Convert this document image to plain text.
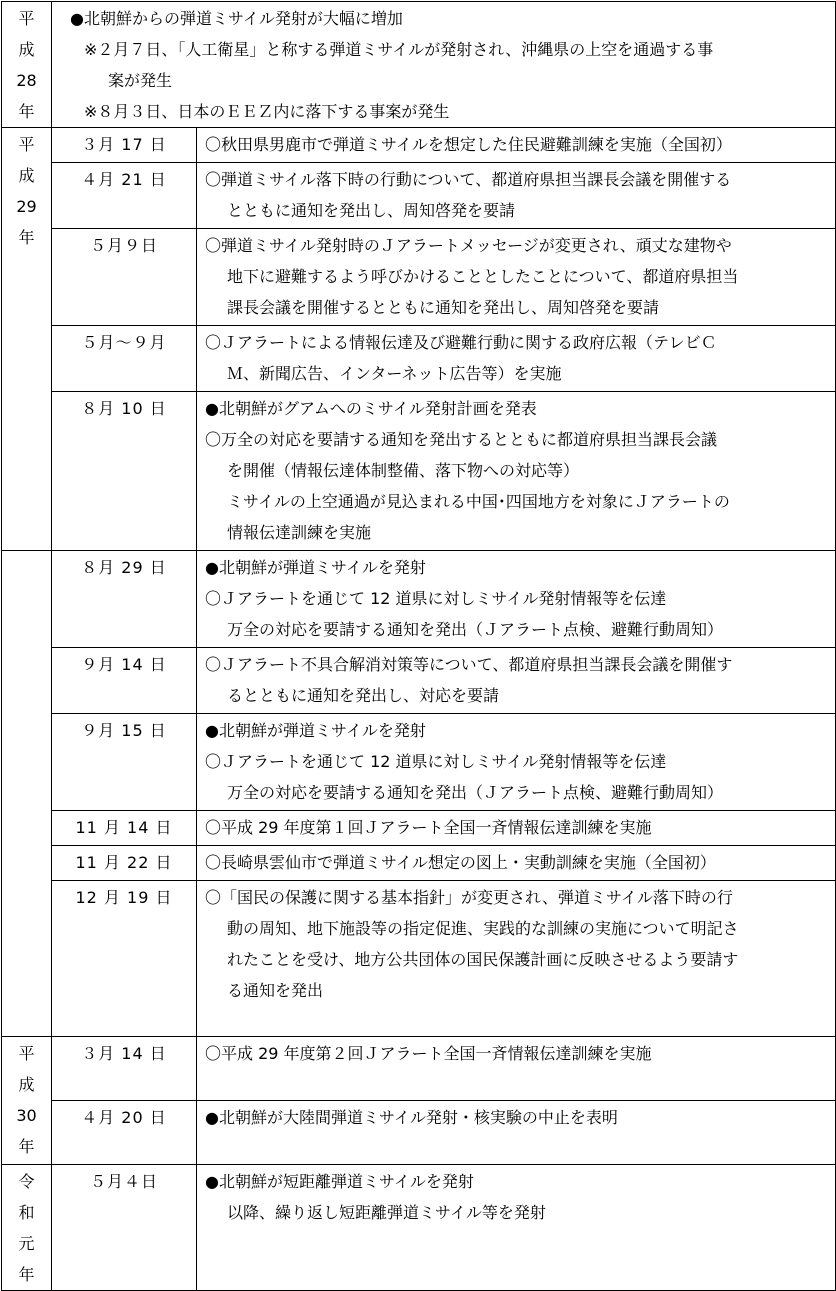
平
成
28
年	●北朝鮮からの弾道ミサイル発射が大幅に増加
※２月７日、「人工衛星」と称する弾道ミサイルが発射され、沖縄県の上空を通過する事
案が発生
※８月３日、日本のＥＥＺ内に落下する事案が発生	

平
成
29
年	３月 17 日	〇秋田県男鹿市で弾道ミサイルを想定した住民避難訓練を実施（全国初）

	４月 21 日	〇弾道ミサイル落下時の行動について、都道府県担当課長会議を開催する
とともに通知を発出し、周知啓発を要請

	５月９日	〇弾道ミサイル発射時のＪアラートメッセージが変更され、頑丈な建物や
地下に避難するよう呼びかけることとしたことについて、都道府県担当
課長会議を開催するとともに通知を発出し、周知啓発を要請

	５月～９月	〇Ｊアラートによる情報伝達及び避難行動に関する政府広報（テレビＣ
Ｍ、新聞広告、インターネット広告等）を実施

	８月 10 日	●北朝鮮がグアムへのミサイル発射計画を発表
〇万全の対応を要請する通知を発出するとともに都道府県担当課長会議
を開催（情報伝達体制整備、落下物への対応等）
ミサイルの上空通過が見込まれる中国･四国地方を対象にＪアラートの
情報伝達訓練を実施

	８月 29 日	●北朝鮮が弾道ミサイルを発射
〇Ｊアラートを通じて 12 道県に対しミサイル発射情報等を伝達
万全の対応を要請する通知を発出（Ｊアラート点検、避難行動周知）

	９月 14 日	〇Ｊアラート不具合解消対策等について、都道府県担当課長会議を開催す
るとともに通知を発出し、対応を要請

	９月 15 日	●北朝鮮が弾道ミサイルを発射
〇Ｊアラートを通じて 12 道県に対しミサイル発射情報等を伝達
万全の対応を要請する通知を発出（Ｊアラート点検、避難行動周知）

	11 月 14 日	〇平成 29 年度第１回Ｊアラート全国一斉情報伝達訓練を実施

	11 月 22 日	〇長崎県雲仙市で弾道ミサイル想定の図上・実動訓練を実施（全国初）

	12 月 19 日	〇「国民の保護に関する基本指針」が変更され、弾道ミサイル落下時の行
動の周知、地下施設等の指定促進、実践的な訓練の実施について明記さ
れたことを受け、地方公共団体の国民保護計画に反映させるよう要請す
る通知を発出

平
成
30
年	３月 14 日	〇平成 29 年度第２回Ｊアラート全国一斉情報伝達訓練を実施

	４月 20 日	●北朝鮮が大陸間弾道ミサイル発射・核実験の中止を表明

令
和
元
年	５月４日	●北朝鮮が短距離弾道ミサイルを発射
以降、繰り返し短距離弾道ミサイル等を発射
